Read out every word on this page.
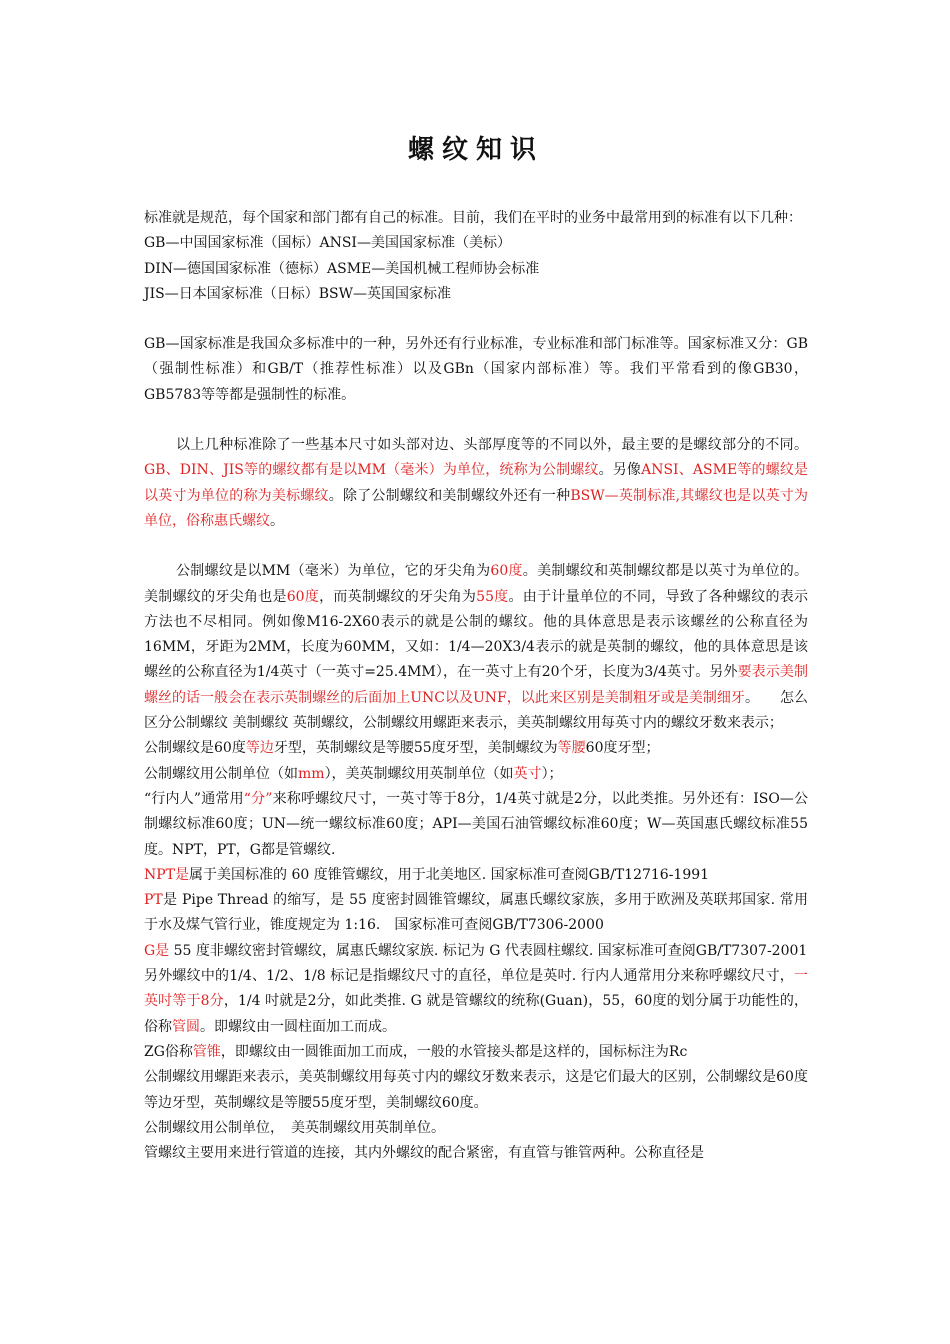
螺纹知识

标准就是规范，每个国家和部门都有自己的标准。目前，我们在平时的业务中最常用到的标准有以下几种：

GB—中国国家标准（国标）ANSI—美国国家标准（美标）

DIN—德国国家标准（德标）ASME—美国机械工程师协会标准

JIS—日本国家标准（日标）BSW—英国国家标准

GB—国家标准是我国众多标准中的一种，另外还有行业标准，专业标准和部门标准等。国家标准又分：GB（强制性标准）和GB/T（推荐性标准）以及GBn（国家内部标准）等。我们平常看到的像GB30，GB5783等等都是强制性的标准。

以上几种标准除了一些基本尺寸如头部对边、头部厚度等的不同以外，最主要的是螺纹部分的不同。GB、DIN、JIS等的螺纹都有是以MM（毫米）为单位，统称为公制螺纹。另像ANSI、ASME等的螺纹是以英寸为单位的称为美标螺纹。除了公制螺纹和美制螺纹外还有一种BSW—英制标准,其螺纹也是以英寸为单位，俗称惠氏螺纹。

公制螺纹是以MM（毫米）为单位，它的牙尖角为60度。美制螺纹和英制螺纹都是以英寸为单位的。美制螺纹的牙尖角也是60度，而英制螺纹的牙尖角为55度。由于计量单位的不同，导致了各种螺纹的表示方法也不尽相同。例如像M16-2X60表示的就是公制的螺纹。他的具体意思是表示该螺丝的公称直径为16MM，牙距为2MM，长度为60MM，又如：1/4—20X3/4表示的就是英制的螺纹，他的具体意思是该螺丝的公称直径为1/4英寸（一英寸=25.4MM），在一英寸上有20个牙，长度为3/4英寸。另外要表示美制螺丝的话一般会在表示英制螺丝的后面加上UNC以及UNF，以此来区别是美制粗牙或是美制细牙。　　怎么区分公制螺纹 美制螺纹 英制螺纹，公制螺纹用螺距来表示，美英制螺纹用每英寸内的螺纹牙数来表示；

公制螺纹是60度等边牙型，英制螺纹是等腰55度牙型，美制螺纹为等腰60度牙型；

公制螺纹用公制单位（如mm），美英制螺纹用英制单位（如英寸）；

“行内人”通常用“分”来称呼螺纹尺寸，一英寸等于8分，1/4英寸就是2分，以此类推。另外还有：ISO—公制螺纹标准60度；UN—统一螺纹标准60度；API—美国石油管螺纹标准60度；W—英国惠氏螺纹标准55度。NPT，PT，G都是管螺纹.

NPT是属于美国标准的 60 度锥管螺纹，用于北美地区. 国家标准可查阅GB/T12716-1991

PT是 Pipe Thread 的缩写，是 55 度密封圆锥管螺纹，属惠氏螺纹家族，多用于欧洲及英联邦国家. 常用于水及煤气管行业，锥度规定为 1:16.　国家标准可查阅GB/T7306-2000

G是 55 度非螺纹密封管螺纹，属惠氏螺纹家族. 标记为 G 代表圆柱螺纹. 国家标准可查阅GB/T7307-2001

另外螺纹中的1/4、1/2、1/8 标记是指螺纹尺寸的直径，单位是英吋. 行内人通常用分来称呼螺纹尺寸，一英吋等于8分，1/4 吋就是2分，如此类推. G 就是管螺纹的统称(Guan)，55，60度的划分属于功能性的，俗称管圆。即螺纹由一圆柱面加工而成。

ZG俗称管锥，即螺纹由一圆锥面加工而成，一般的水管接头都是这样的，国标标注为Rc

公制螺纹用螺距来表示，美英制螺纹用每英寸内的螺纹牙数来表示，这是它们最大的区别，公制螺纹是60度等边牙型，英制螺纹是等腰55度牙型，美制螺纹60度。

公制螺纹用公制单位，　美英制螺纹用英制单位。

管螺纹主要用来进行管道的连接，其内外螺纹的配合紧密，有直管与锥管两种。公称直径是
